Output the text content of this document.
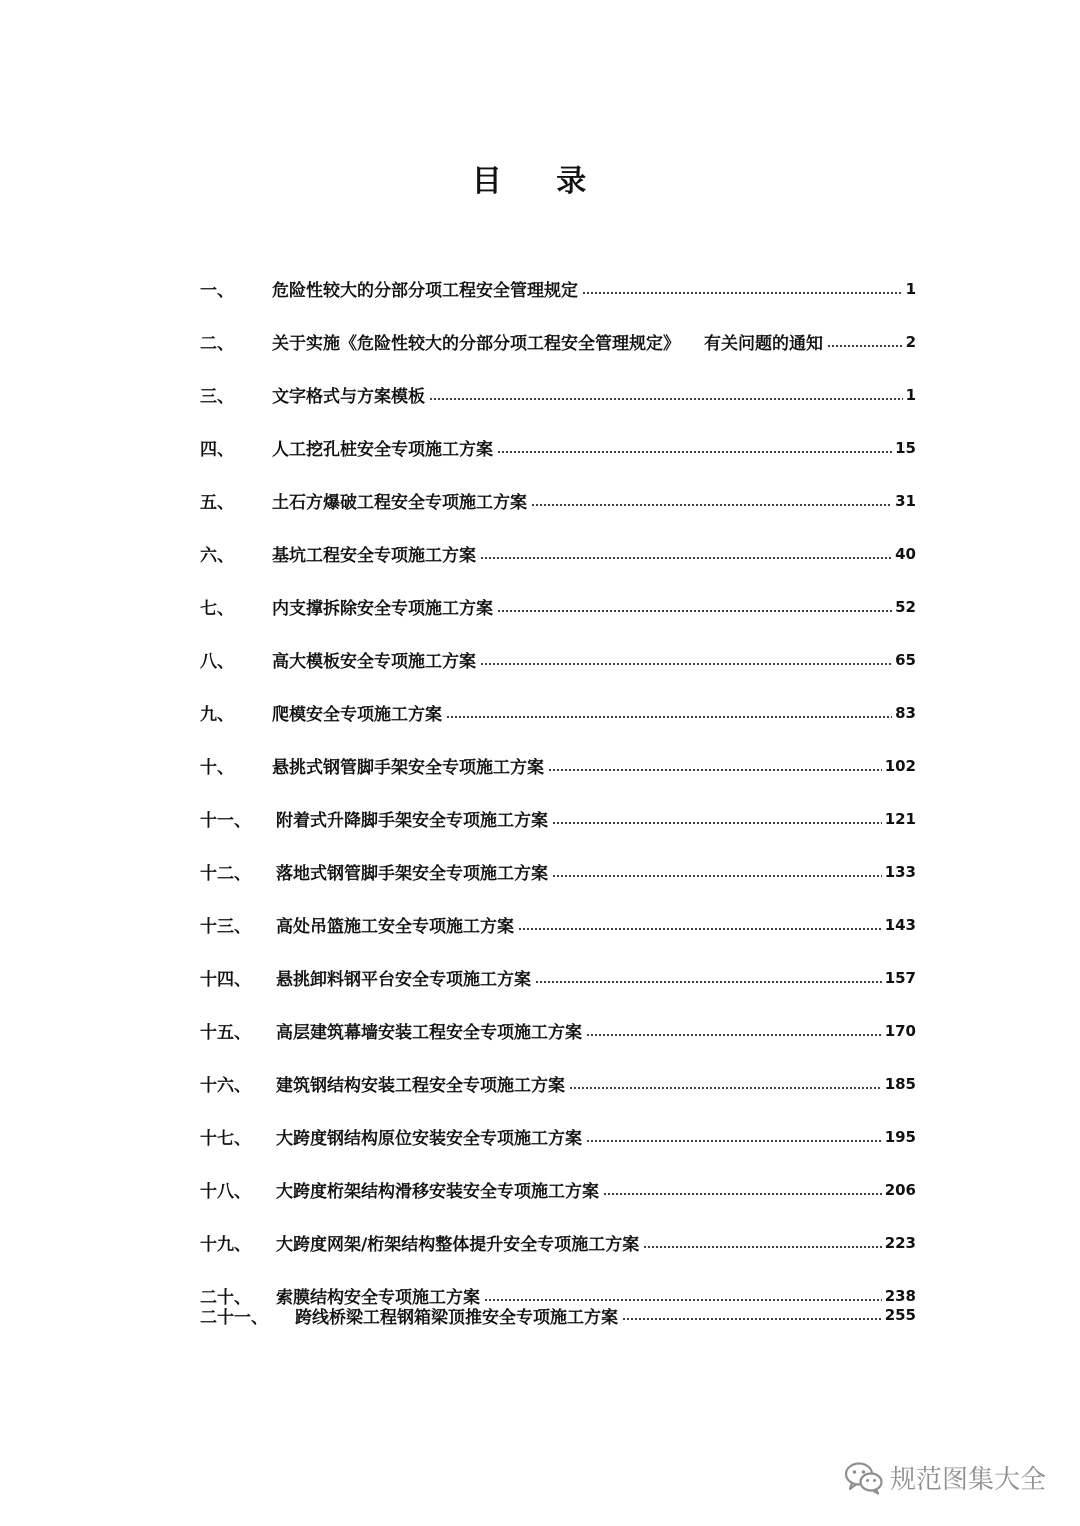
目 录
一、	危险性较大的分部分项工程安全管理规定	1
二、	关于实施《危险性较大的分部分项工程安全管理规定》 有关问题的通知	2
三、	文字格式与方案模板	1
四、	人工挖孔桩安全专项施工方案	15
五、	土石方爆破工程安全专项施工方案	31
六、	基坑工程安全专项施工方案	40
七、	内支撑拆除安全专项施工方案	52
八、	高大模板安全专项施工方案	65
九、	爬模安全专项施工方案	83
十、	悬挑式钢管脚手架安全专项施工方案	102
十一、	附着式升降脚手架安全专项施工方案	121
十二、	落地式钢管脚手架安全专项施工方案	133
十三、	高处吊篮施工安全专项施工方案	143
十四、	悬挑卸料钢平台安全专项施工方案	157
十五、	高层建筑幕墙安装工程安全专项施工方案	170
十六、	建筑钢结构安装工程安全专项施工方案	185
十七、	大跨度钢结构原位安装安全专项施工方案	195
十八、	大跨度桁架结构滑移安装安全专项施工方案	206
十九、	大跨度网架/桁架结构整体提升安全专项施工方案	223
二十、	索膜结构安全专项施工方案	238
二十一、	跨线桥梁工程钢箱梁顶推安全专项施工方案	255
规范图集大全
